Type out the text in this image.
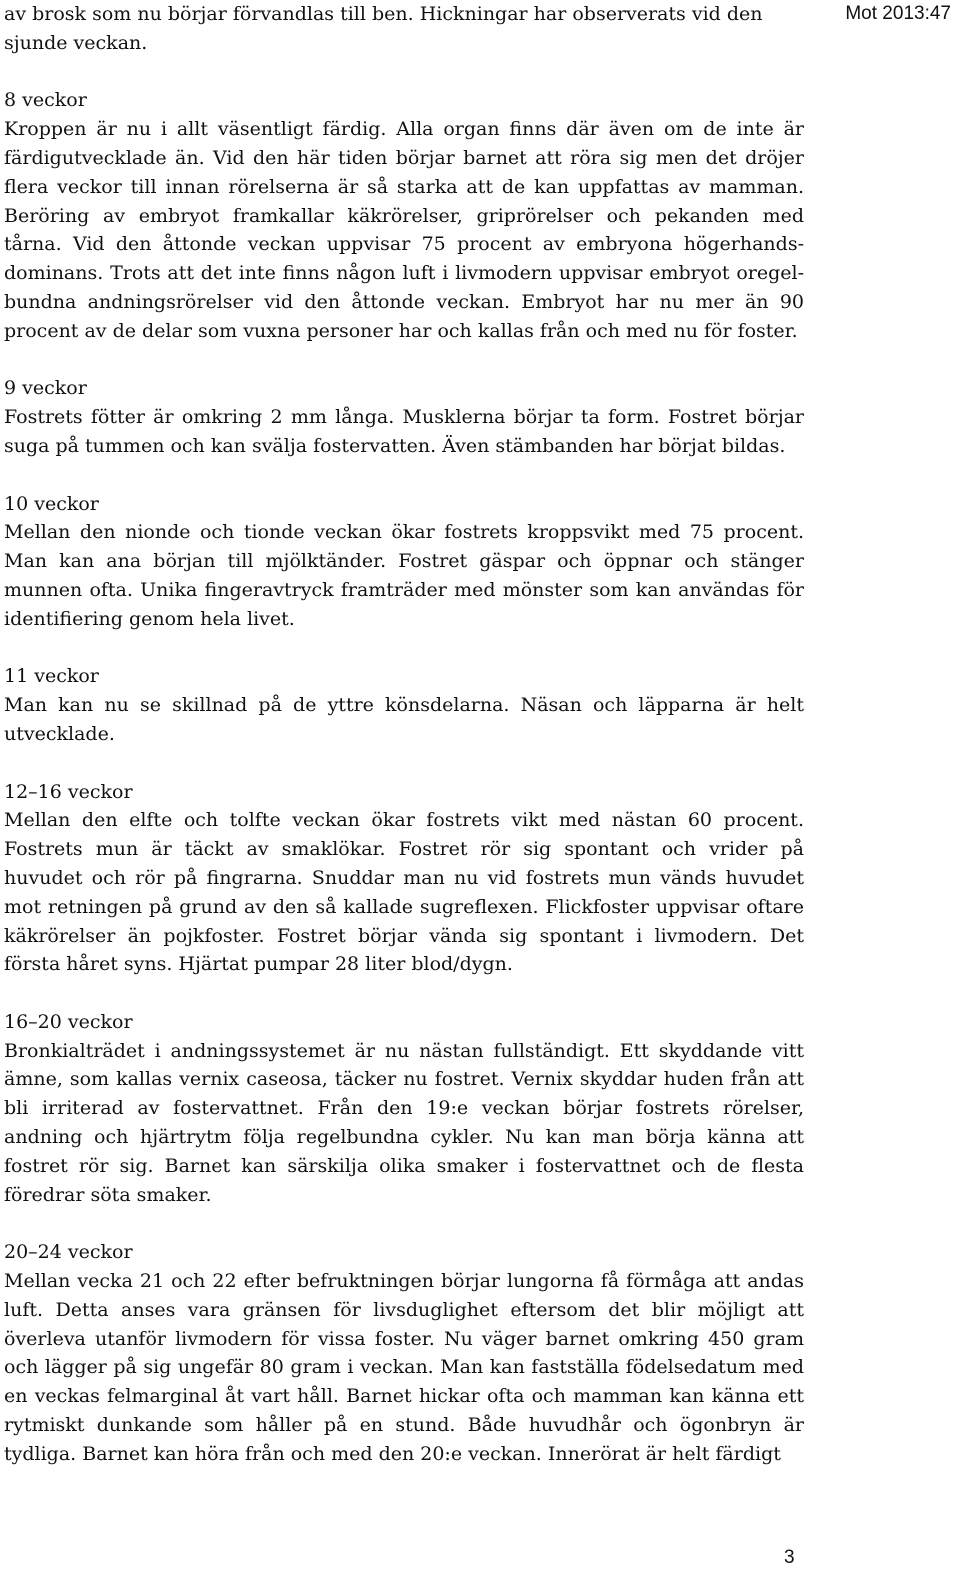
Mot 2013:47

av brosk som nu börjar förvandlas till ben. Hickningar har observerats vid den sjunde veckan.

8 veckor

Kroppen är nu i allt väsentligt färdig. Alla organ finns där även om de inte är färdigutvecklade än. Vid den här tiden börjar barnet att röra sig men det dröjer flera veckor till innan rörelserna är så starka att de kan uppfattas av mamman. Beröring av embryot framkallar käkrörelser, griprörelser och pekanden med tårna. Vid den åttonde veckan uppvisar 75 procent av embryona högerhandsdominans. Trots att det inte finns någon luft i livmodern uppvisar embryot oregelbundna andningsrörelser vid den åttonde veckan. Embryot har nu mer än 90 procent av de delar som vuxna personer har och kallas från och med nu för foster.

9 veckor

Fostrets fötter är omkring 2 mm långa. Musklerna börjar ta form. Fostret börjar suga på tummen och kan svälja fostervatten. Även stämbanden har börjat bildas.

10 veckor

Mellan den nionde och tionde veckan ökar fostrets kroppsvikt med 75 procent. Man kan ana början till mjölktänder. Fostret gäspar och öppnar och stänger munnen ofta. Unika fingeravtryck framträder med mönster som kan användas för identifiering genom hela livet.

11 veckor

Man kan nu se skillnad på de yttre könsdelarna. Näsan och läpparna är helt utvecklade.

12–16 veckor

Mellan den elfte och tolfte veckan ökar fostrets vikt med nästan 60 procent. Fostrets mun är täckt av smaklökar. Fostret rör sig spontant och vrider på huvudet och rör på fingrarna. Snuddar man nu vid fostrets mun vänds huvudet mot retningen på grund av den så kallade sugreflexen. Flickfoster uppvisar oftare käkrörelser än pojkfoster. Fostret börjar vända sig spontant i livmodern. Det första håret syns. Hjärtat pumpar 28 liter blod/dygn.

16–20 veckor

Bronkialträdet i andningssystemet är nu nästan fullständigt. Ett skyddande vitt ämne, som kallas vernix caseosa, täcker nu fostret. Vernix skyddar huden från att bli irriterad av fostervattnet. Från den 19:e veckan börjar fostrets rörelser, andning och hjärtrytm följa regelbundna cykler. Nu kan man börja känna att fostret rör sig. Barnet kan särskilja olika smaker i fostervattnet och de flesta föredrar söta smaker.

20–24 veckor

Mellan vecka 21 och 22 efter befruktningen börjar lungorna få förmåga att andas luft. Detta anses vara gränsen för livsduglighet eftersom det blir möjligt att överleva utanför livmodern för vissa foster. Nu väger barnet omkring 450 gram och lägger på sig ungefär 80 gram i veckan. Man kan fastställa födelsedatum med en veckas felmarginal åt vart håll. Barnet hickar ofta och mamman kan känna ett rytmiskt dunkande som håller på en stund. Både huvudhår och ögonbryn är tydliga. Barnet kan höra från och med den 20:e veckan. Innerörat är helt färdigt

3
